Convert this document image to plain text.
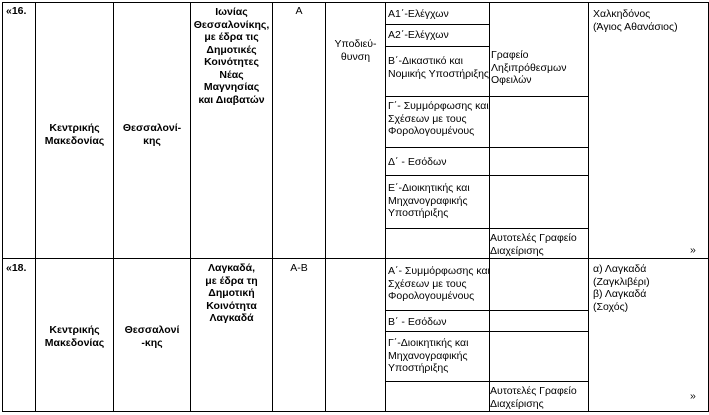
«16.
Κεντρικής
Μακεδονίας
Θεσσαλονί-
κης
Ιωνίας
Θεσσαλονίκης,
με έδρα τις
Δημοτικές
Κοινότητες
Νέας
Μαγνησίας
και Διαβατών
Α
Υποδιεύ-
θυνση
Α1΄-Ελέγχων
Α2΄-Ελέγχων
Β΄-Δικαστικό και
Νομικής Υποστήριξης
Γ΄- Συμμόρφωσης και
Σχέσεων με τους
Φορολογουμένους
Δ΄ - Εσόδων
Ε΄-Διοικητικής και
Μηχανογραφικής
Υποστήριξης
Γραφείο
Ληξιπρόθεσμων
Οφειλών
Αυτοτελές Γραφείο
Διαχείρισης
Χαλκηδόνος
(Άγιος Αθανάσιος)
»
«18.
Κεντρικής
Μακεδονίας
Θεσσαλονί
-κης
Λαγκαδά,
με έδρα τη
Δημοτική
Κοινότητα
Λαγκαδά
Α-Β	Α΄- Συμμόρφωσης και
Σχέσεων με τους
Φορολογουμένους
Β΄ - Εσόδων
Γ΄-Διοικητικής και
Μηχανογραφικής
Υποστήριξης
Αυτοτελές Γραφείο
Διαχείρισης
α) Λαγκαδά
(Ζαγκλιβέρι)
β) Λαγκαδά
(Σοχός)
»
